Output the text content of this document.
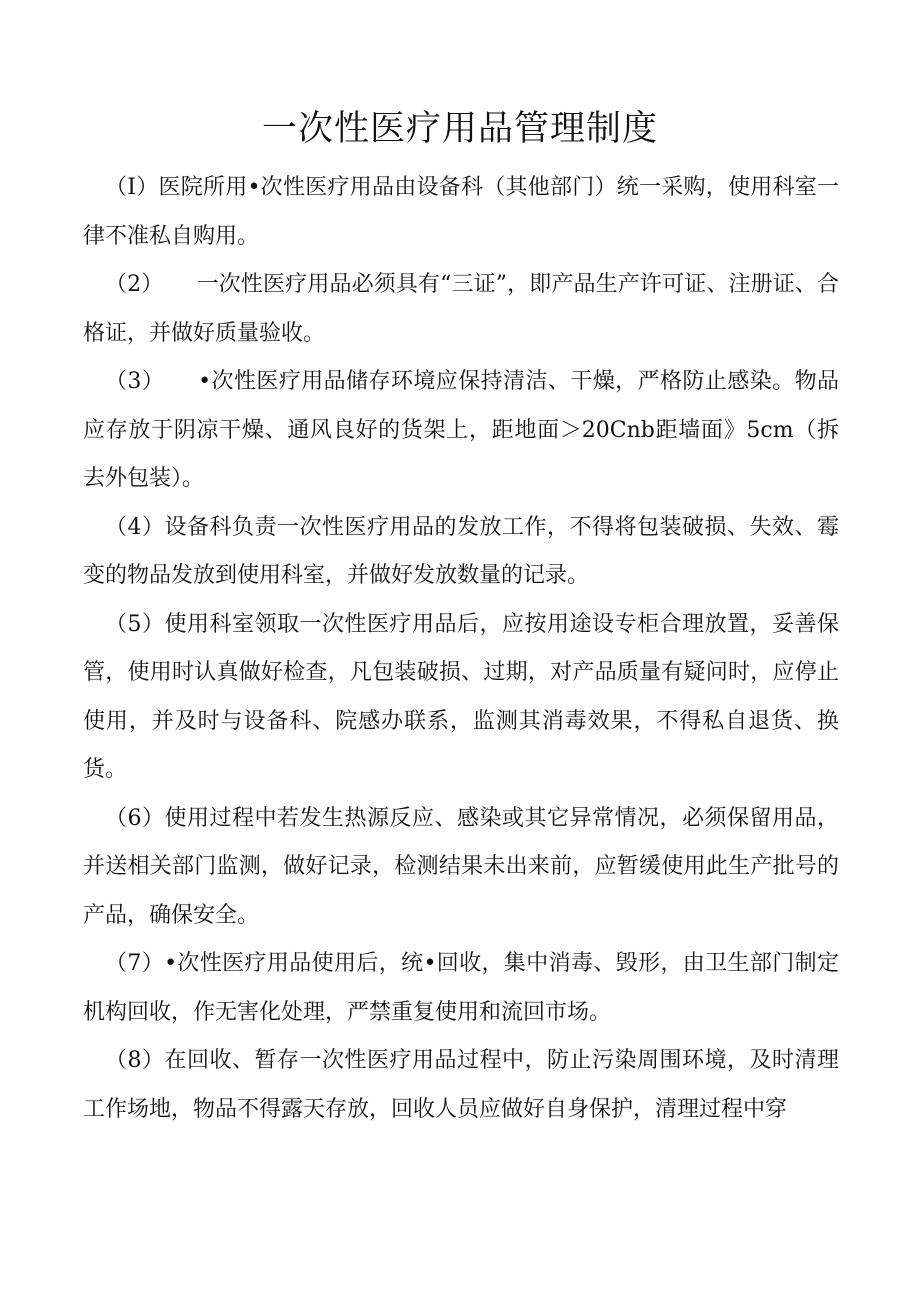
一次性医疗用品管理制度

（I）医院所用•次性医疗用品由设备科（其他部门）统一采购，使用科室一律不准私自购用。

（2）　　一次性医疗用品必须具有“三证”，即产品生产许可证、注册证、合格证，并做好质量验收。

（3）　　•次性医疗用品储存环境应保持清洁、干燥，严格防止感染。物品应存放于阴凉干燥、通风良好的货架上，距地面＞20Cnb距墙面》5cm（拆去外包装）。

（4）设备科负责一次性医疗用品的发放工作，不得将包装破损、失效、霉变的物品发放到使用科室，并做好发放数量的记录。

（5）使用科室领取一次性医疗用品后，应按用途设专柜合理放置，妥善保管，使用时认真做好检查，凡包装破损、过期，对产品质量有疑问时，应停止使用，并及时与设备科、院感办联系，监测其消毒效果，不得私自退货、换货。

（6）使用过程中若发生热源反应、感染或其它异常情况，必须保留用品，并送相关部门监测，做好记录，检测结果未出来前，应暂缓使用此生产批号的产品，确保安全。

（7）•次性医疗用品使用后，统•回收，集中消毒、毁形，由卫生部门制定机构回收，作无害化处理，严禁重复使用和流回市场。

（8）在回收、暂存一次性医疗用品过程中，防止污染周围环境，及时清理工作场地，物品不得露天存放，回收人员应做好自身保护，清理过程中穿
